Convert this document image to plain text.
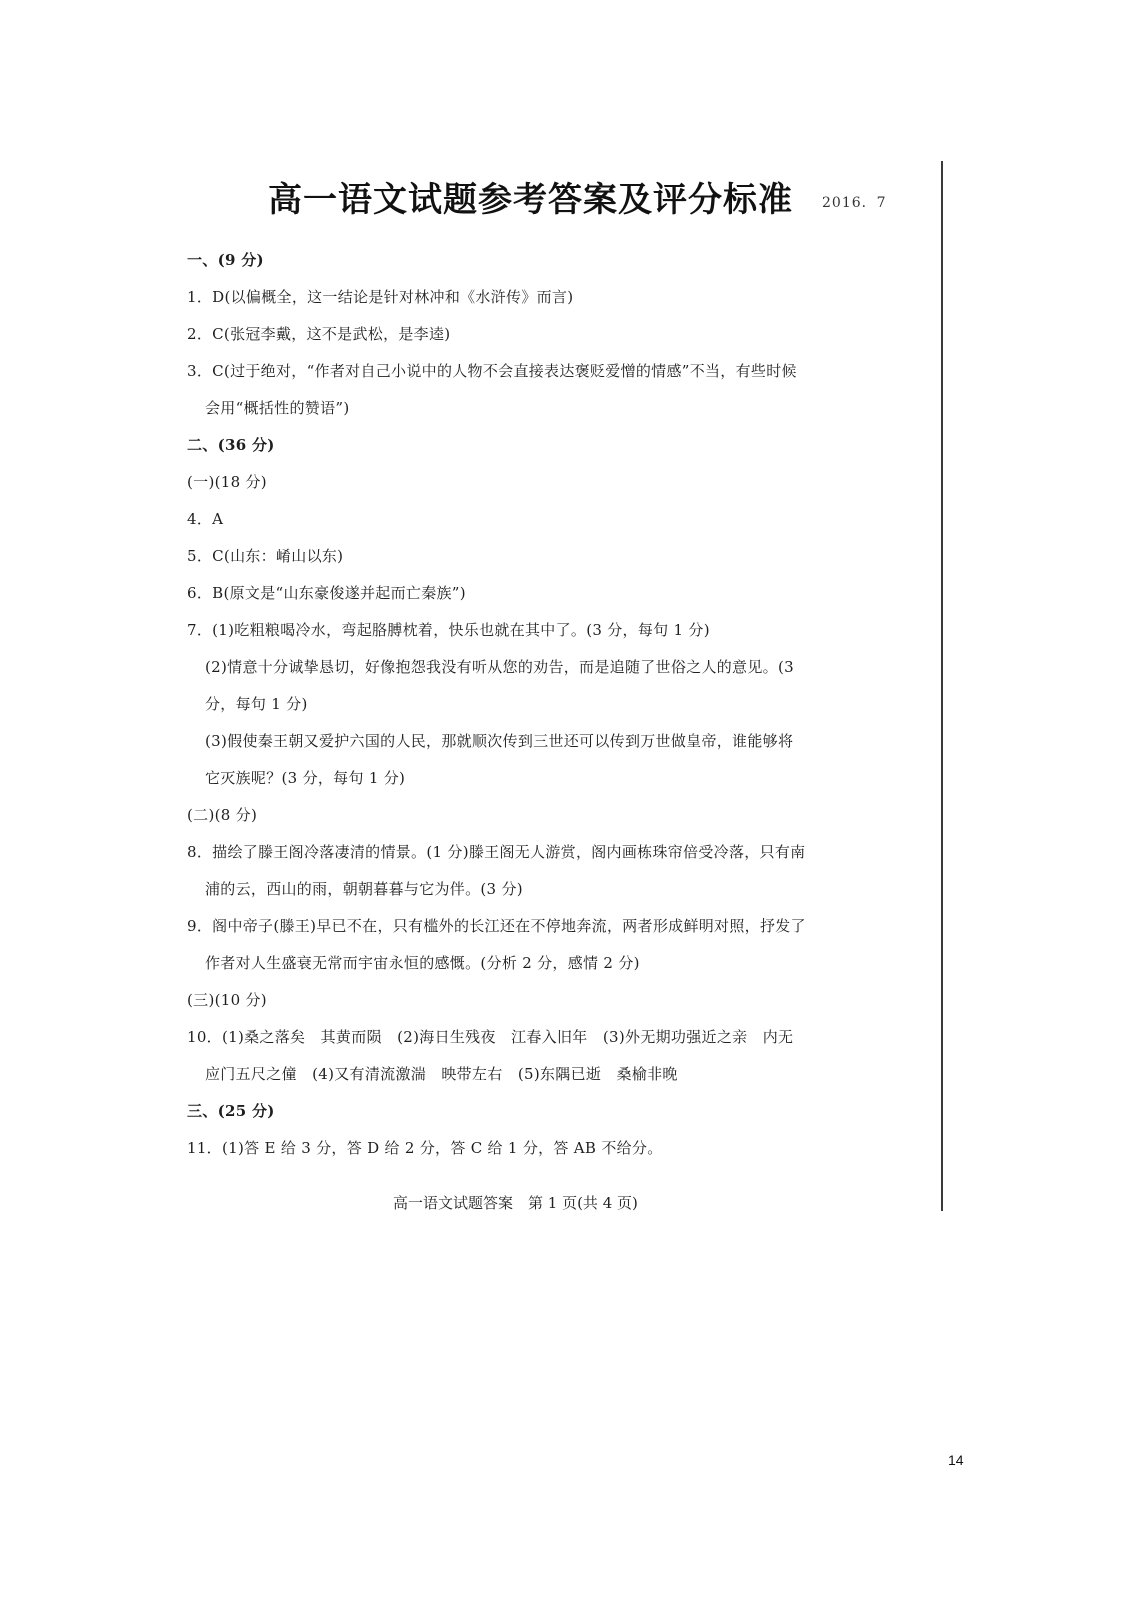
高一语文试题参考答案及评分标准 2016．7
一、(9 分)
1．D(以偏概全，这一结论是针对林冲和《水浒传》而言)
2．C(张冠李戴，这不是武松，是李逵)
3．C(过于绝对，“作者对自己小说中的人物不会直接表达褒贬爱憎的情感”不当，有些时候
会用“概括性的赞语”)
二、(36 分)
(一)(18 分)
4．A
5．C(山东：崤山以东)
6．B(原文是“山东豪俊遂并起而亡秦族”)
7．(1)吃粗粮喝冷水，弯起胳膊枕着，快乐也就在其中了。(3 分，每句 1 分)
(2)情意十分诚挚恳切，好像抱怨我没有听从您的劝告，而是追随了世俗之人的意见。(3
分，每句 1 分)
(3)假使秦王朝又爱护六国的人民，那就顺次传到三世还可以传到万世做皇帝，谁能够将
它灭族呢？(3 分，每句 1 分)
(二)(8 分)
8．描绘了滕王阁冷落凄清的情景。(1 分)滕王阁无人游赏，阁内画栋珠帘倍受冷落，只有南
浦的云，西山的雨，朝朝暮暮与它为伴。(3 分)
9．阁中帝子(滕王)早已不在，只有槛外的长江还在不停地奔流，两者形成鲜明对照，抒发了
作者对人生盛衰无常而宇宙永恒的感慨。(分析 2 分，感情 2 分)
(三)(10 分)
10．(1)桑之落矣　其黄而陨　(2)海日生残夜　江春入旧年　(3)外无期功强近之亲　内无
应门五尺之僮　(4)又有清流激湍　映带左右　(5)东隅已逝　桑榆非晚
三、(25 分)
11．(1)答 E 给 3 分，答 D 给 2 分，答 C 给 1 分，答 AB 不给分。
高一语文试题答案　第 1 页(共 4 页)
14
